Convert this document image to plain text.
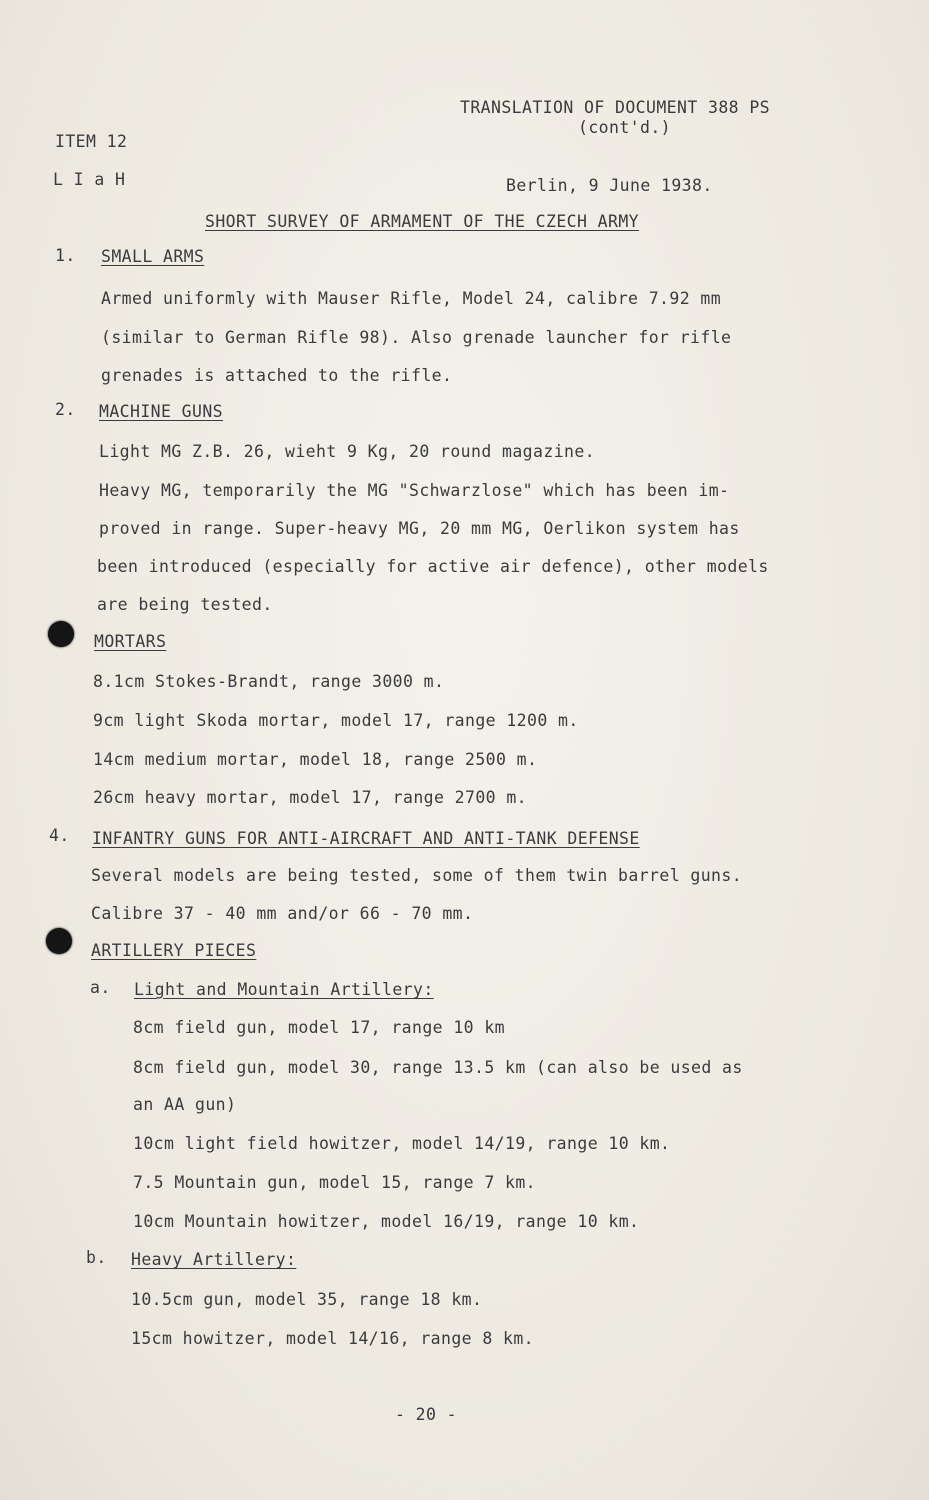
TRANSLATION OF DOCUMENT 388 PS
(cont'd.)
ITEM 12
L I a H	Berlin, 9 June 1938.
SHORT SURVEY OF ARMAMENT OF THE CZECH ARMY
1. SMALL ARMS
Armed uniformly with Mauser Rifle, Model 24, calibre 7.92 mm
(similar to German Rifle 98). Also grenade launcher for rifle
grenades is attached to the rifle.
2. MACHINE GUNS
Light MG Z.B. 26, wieht 9 Kg, 20 round magazine.
Heavy MG, temporarily the MG "Schwarzlose" which has been im-
proved in range. Super-heavy MG, 20 mm MG, Oerlikon system has
been introduced (especially for active air defence), other models
are being tested.
MORTARS
8.1cm Stokes-Brandt, range 3000 m.
9cm light Skoda mortar, model 17, range 1200 m.
14cm medium mortar, model 18, range 2500 m.
26cm heavy mortar, model 17, range 2700 m.
4. INFANTRY GUNS FOR ANTI-AIRCRAFT AND ANTI-TANK DEFENSE
Several models are being tested, some of them twin barrel guns.
Calibre 37 - 40 mm and/or 66 - 70 mm.
ARTILLERY PIECES
a. Light and Mountain Artillery:
8cm field gun, model 17, range 10 km
8cm field gun, model 30, range 13.5 km (can also be used as
an AA gun)
10cm light field howitzer, model 14/19, range 10 km.
7.5 Mountain gun, model 15, range 7 km.
10cm Mountain howitzer, model 16/19, range 10 km.
b. Heavy Artillery:
10.5cm gun, model 35, range 18 km.
15cm howitzer, model 14/16, range 8 km.
- 20 -
